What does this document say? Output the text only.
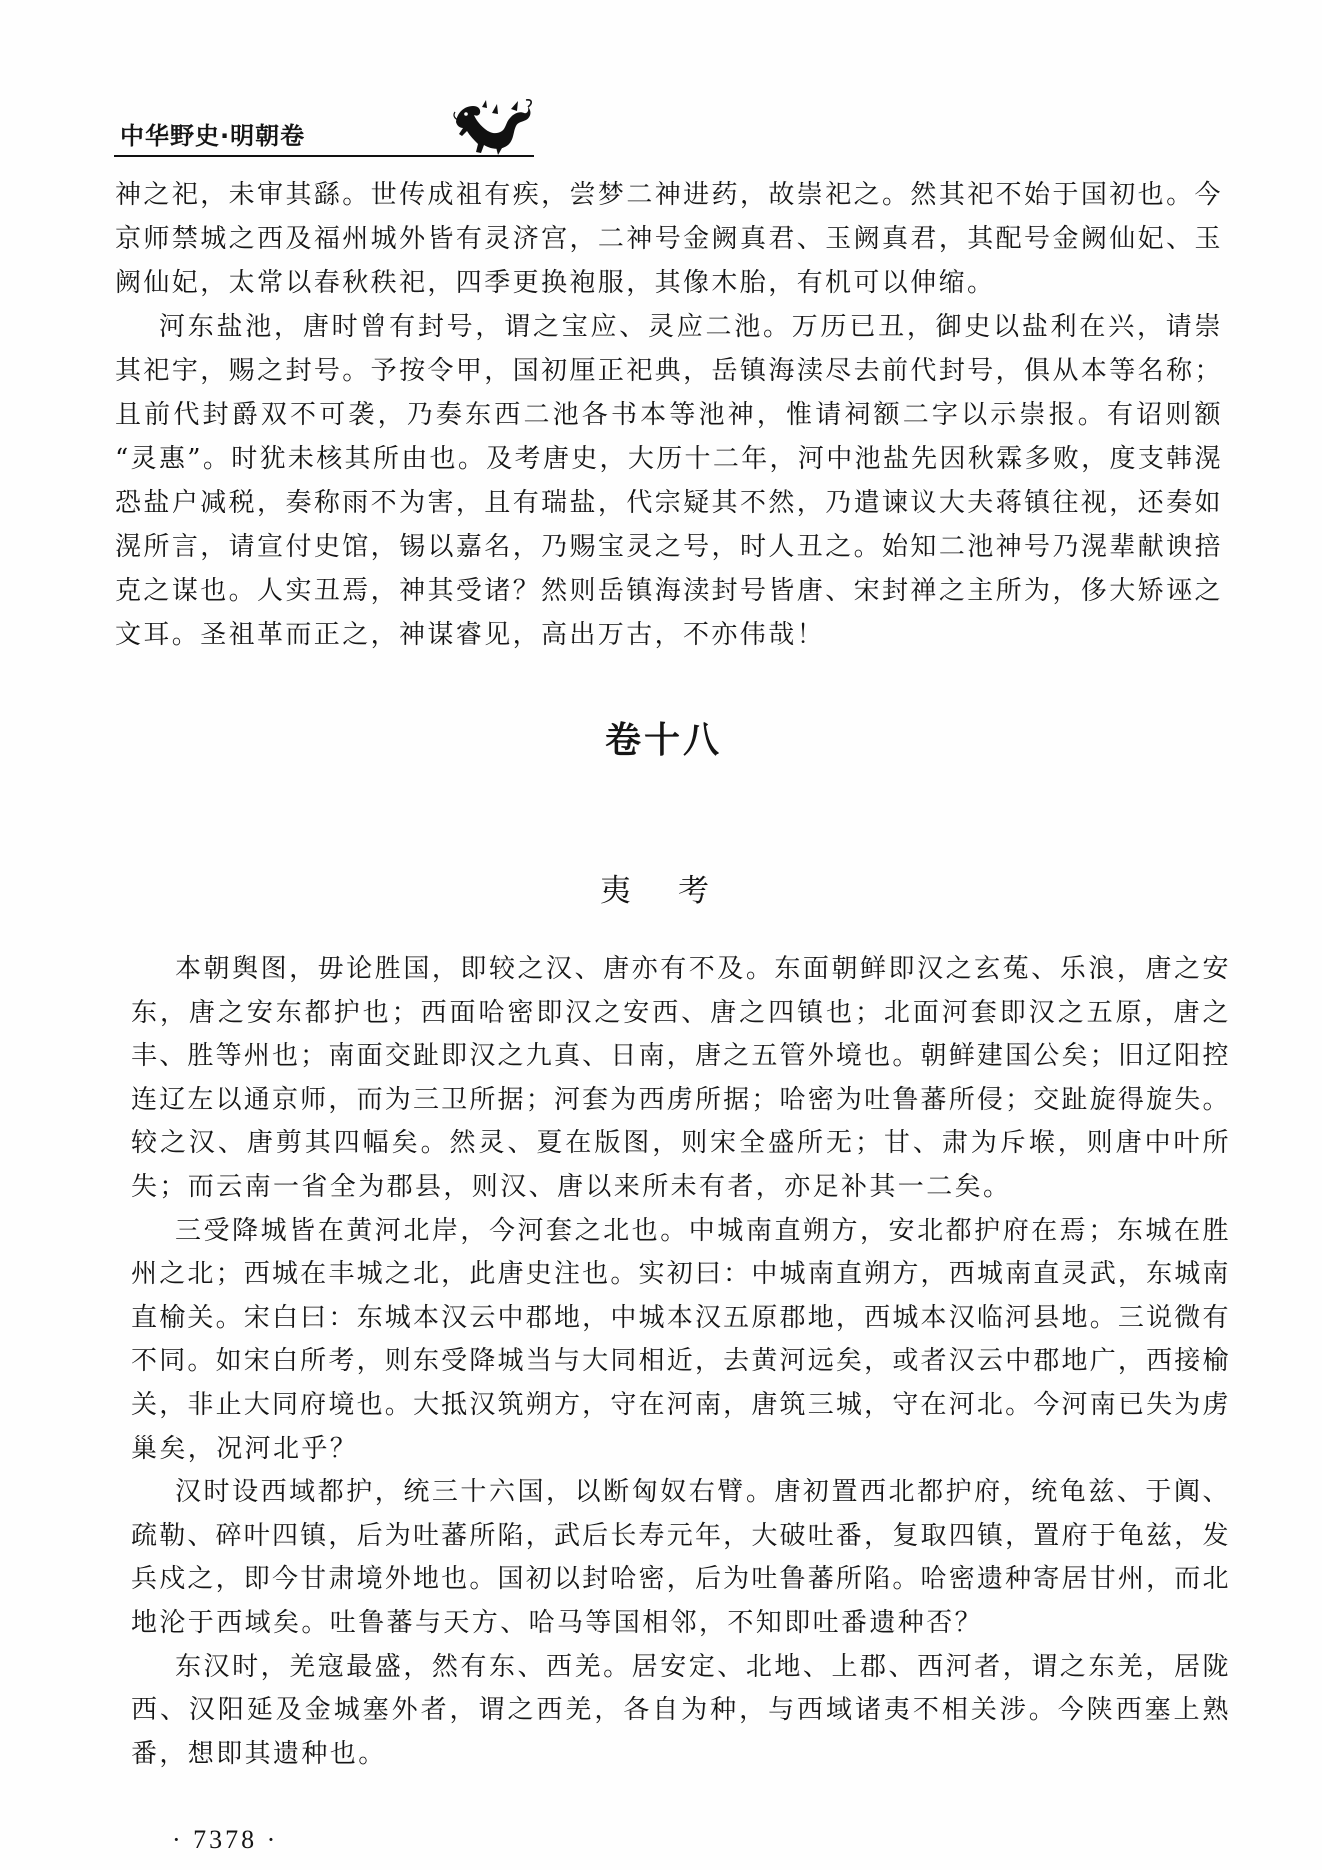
中华野史·明朝卷
神之祀，未审其繇。世传成祖有疾，尝梦二神进药，故崇祀之。然其祀不始于国初也。今
京师禁城之西及福州城外皆有灵济宫，二神号金阙真君、玉阙真君，其配号金阙仙妃、玉
阙仙妃，太常以春秋秩祀，四季更换袍服，其像木胎，有机可以伸缩。
河东盐池，唐时曾有封号，谓之宝应、灵应二池。万历已丑，御史以盐利在兴，请崇
其祀宇，赐之封号。予按令甲，国初厘正祀典，岳镇海渎尽去前代封号，俱从本等名称；
且前代封爵双不可袭，乃奏东西二池各书本等池神，惟请祠额二字以示崇报。有诏则额
“灵惠”。时犹未核其所由也。及考唐史，大历十二年，河中池盐先因秋霖多败，度支韩滉
恐盐户减税，奏称雨不为害，且有瑞盐，代宗疑其不然，乃遣谏议大夫蒋镇往视，还奏如
滉所言，请宣付史馆，锡以嘉名，乃赐宝灵之号，时人丑之。始知二池神号乃滉辈献谀掊
克之谋也。人实丑焉，神其受诸？然则岳镇海渎封号皆唐、宋封禅之主所为，侈大矫诬之
文耳。圣祖革而正之，神谋睿见，高出万古，不亦伟哉！
卷十八
夷考
本朝舆图，毋论胜国，即较之汉、唐亦有不及。东面朝鲜即汉之玄菟、乐浪，唐之安
东，唐之安东都护也；西面哈密即汉之安西、唐之四镇也；北面河套即汉之五原，唐之
丰、胜等州也；南面交趾即汉之九真、日南，唐之五管外境也。朝鲜建国公矣；旧辽阳控
连辽左以通京师，而为三卫所据；河套为西虏所据；哈密为吐鲁蕃所侵；交趾旋得旋失。
较之汉、唐剪其四幅矣。然灵、夏在版图，则宋全盛所无；甘、肃为斥堠，则唐中叶所
失；而云南一省全为郡县，则汉、唐以来所未有者，亦足补其一二矣。
三受降城皆在黄河北岸，今河套之北也。中城南直朔方，安北都护府在焉；东城在胜
州之北；西城在丰城之北，此唐史注也。实初曰：中城南直朔方，西城南直灵武，东城南
直榆关。宋白曰：东城本汉云中郡地，中城本汉五原郡地，西城本汉临河县地。三说微有
不同。如宋白所考，则东受降城当与大同相近，去黄河远矣，或者汉云中郡地广，西接榆
关，非止大同府境也。大抵汉筑朔方，守在河南，唐筑三城，守在河北。今河南已失为虏
巢矣，况河北乎？
汉时设西域都护，统三十六国，以断匈奴右臂。唐初置西北都护府，统龟兹、于阗、
疏勒、碎叶四镇，后为吐蕃所陷，武后长寿元年，大破吐番，复取四镇，置府于龟兹，发
兵戍之，即今甘肃境外地也。国初以封哈密，后为吐鲁蕃所陷。哈密遗种寄居甘州，而北
地沦于西域矣。吐鲁蕃与天方、哈马等国相邻，不知即吐番遗种否？
东汉时，羌寇最盛，然有东、西羌。居安定、北地、上郡、西河者，谓之东羌，居陇
西、汉阳延及金城塞外者，谓之西羌，各自为种，与西域诸夷不相关涉。今陕西塞上熟
番，想即其遗种也。
· 7378 ·
